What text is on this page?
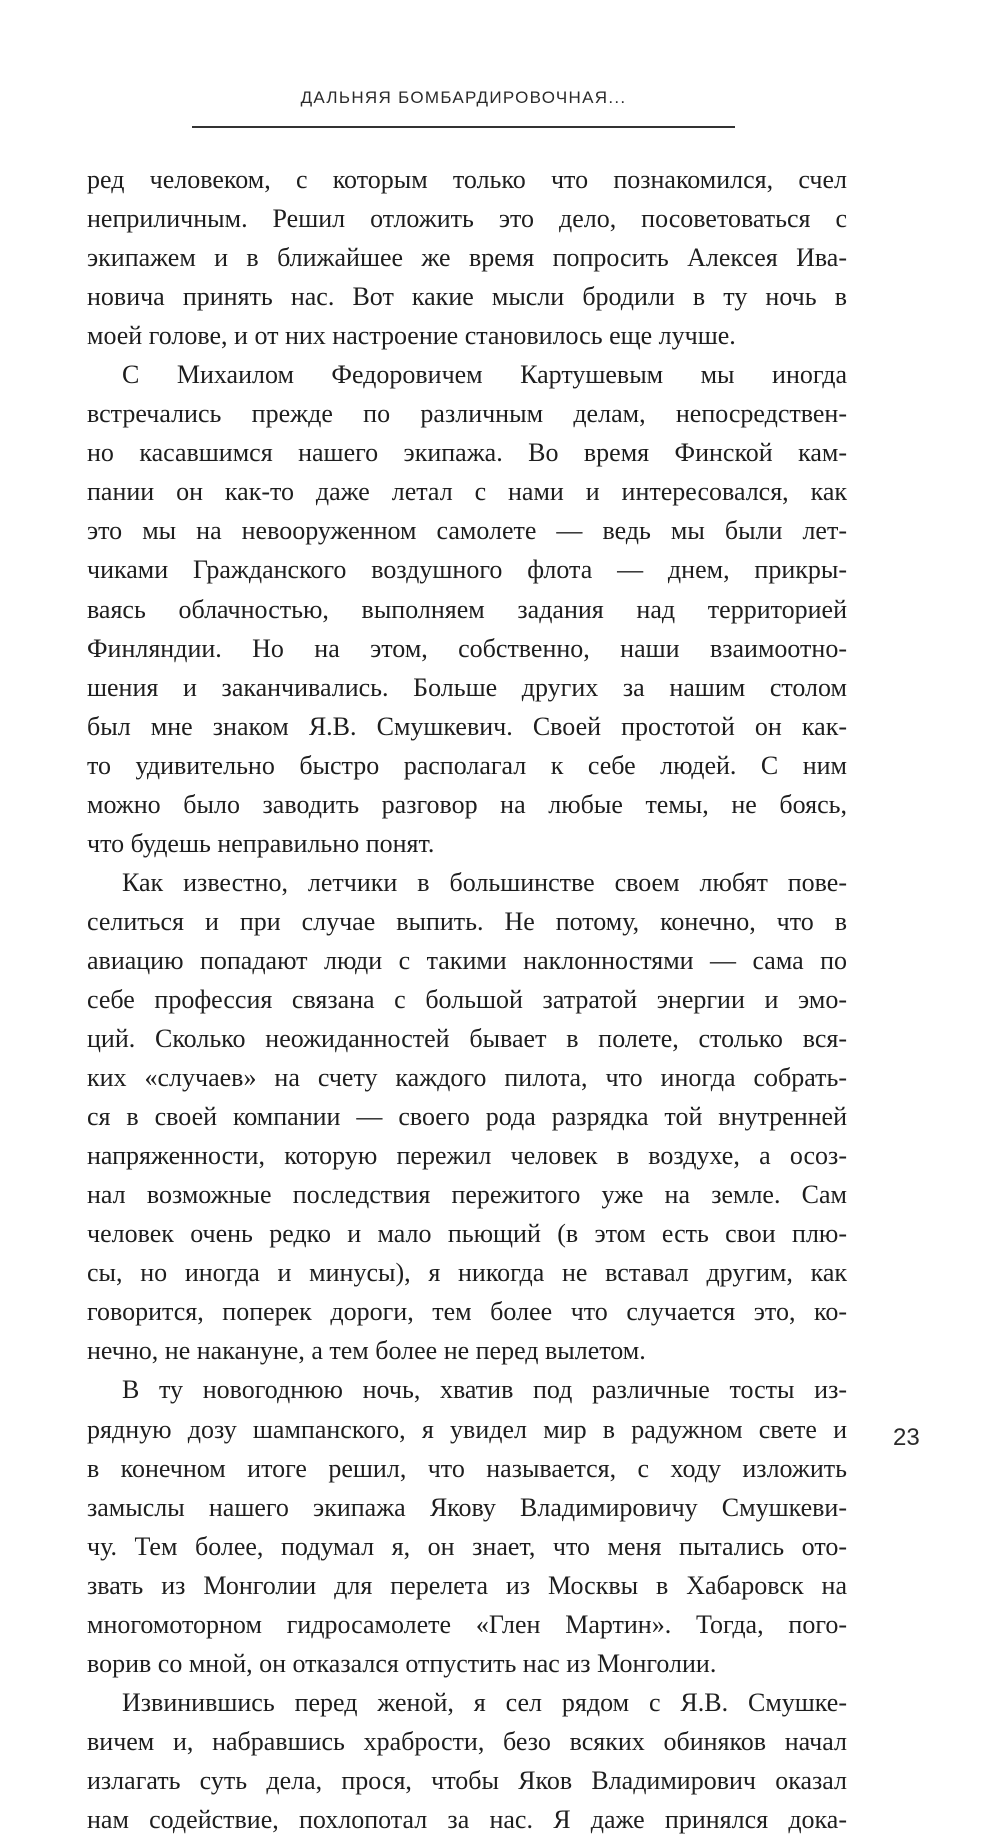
ДАЛЬНЯЯ БОМБАРДИРОВОЧНАЯ...
ред человеком, с которым только что познакомился, счел
неприличным. Решил отложить это дело, посоветоваться с
экипажем и в ближайшее же время попросить Алексея Ива-
новича принять нас. Вот какие мысли бродили в ту ночь в
моей голове, и от них настроение становилось еще лучше.
С Михаилом Федоровичем Картушевым мы иногда
встречались прежде по различным делам, непосредствен-
но касавшимся нашего экипажа. Во время Финской кам-
пании он как-то даже летал с нами и интересовался, как
это мы на невооруженном самолете — ведь мы были лет-
чиками Гражданского воздушного флота — днем, прикры-
ваясь облачностью, выполняем задания над территорией
Финляндии. Но на этом, собственно, наши взаимоотно-
шения и заканчивались. Больше других за нашим столом
был мне знаком Я.В. Смушкевич. Своей простотой он как-
то удивительно быстро располагал к себе людей. С ним
можно было заводить разговор на любые темы, не боясь,
что будешь неправильно понят.
Как известно, летчики в большинстве своем любят пове-
селиться и при случае выпить. Не потому, конечно, что в
авиацию попадают люди с такими наклонностями — сама по
себе профессия связана с большой затратой энергии и эмо-
ций. Сколько неожиданностей бывает в полете, столько вся-
ких «случаев» на счету каждого пилота, что иногда собрать-
ся в своей компании — своего рода разрядка той внутренней
напряженности, которую пережил человек в воздухе, а осоз-
нал возможные последствия пережитого уже на земле. Сам
человек очень редко и мало пьющий (в этом есть свои плю-
сы, но иногда и минусы), я никогда не вставал другим, как
говорится, поперек дороги, тем более что случается это, ко-
нечно, не накануне, а тем более не перед вылетом.
В ту новогоднюю ночь, хватив под различные тосты из-
рядную дозу шампанского, я увидел мир в радужном свете и
в конечном итоге решил, что называется, с ходу изложить
замыслы нашего экипажа Якову Владимировичу Смушкеви-
чу. Тем более, подумал я, он знает, что меня пытались ото-
звать из Монголии для перелета из Москвы в Хабаровск на
многомоторном гидросамолете «Глен Мартин». Тогда, пого-
ворив со мной, он отказался отпустить нас из Монголии.
Извинившись перед женой, я сел рядом с Я.В. Смушке-
вичем и, набравшись храбрости, безо всяких обиняков начал
излагать суть дела, прося, чтобы Яков Владимирович оказал
нам содействие, похлопотал за нас. Я даже принялся дока-
23
